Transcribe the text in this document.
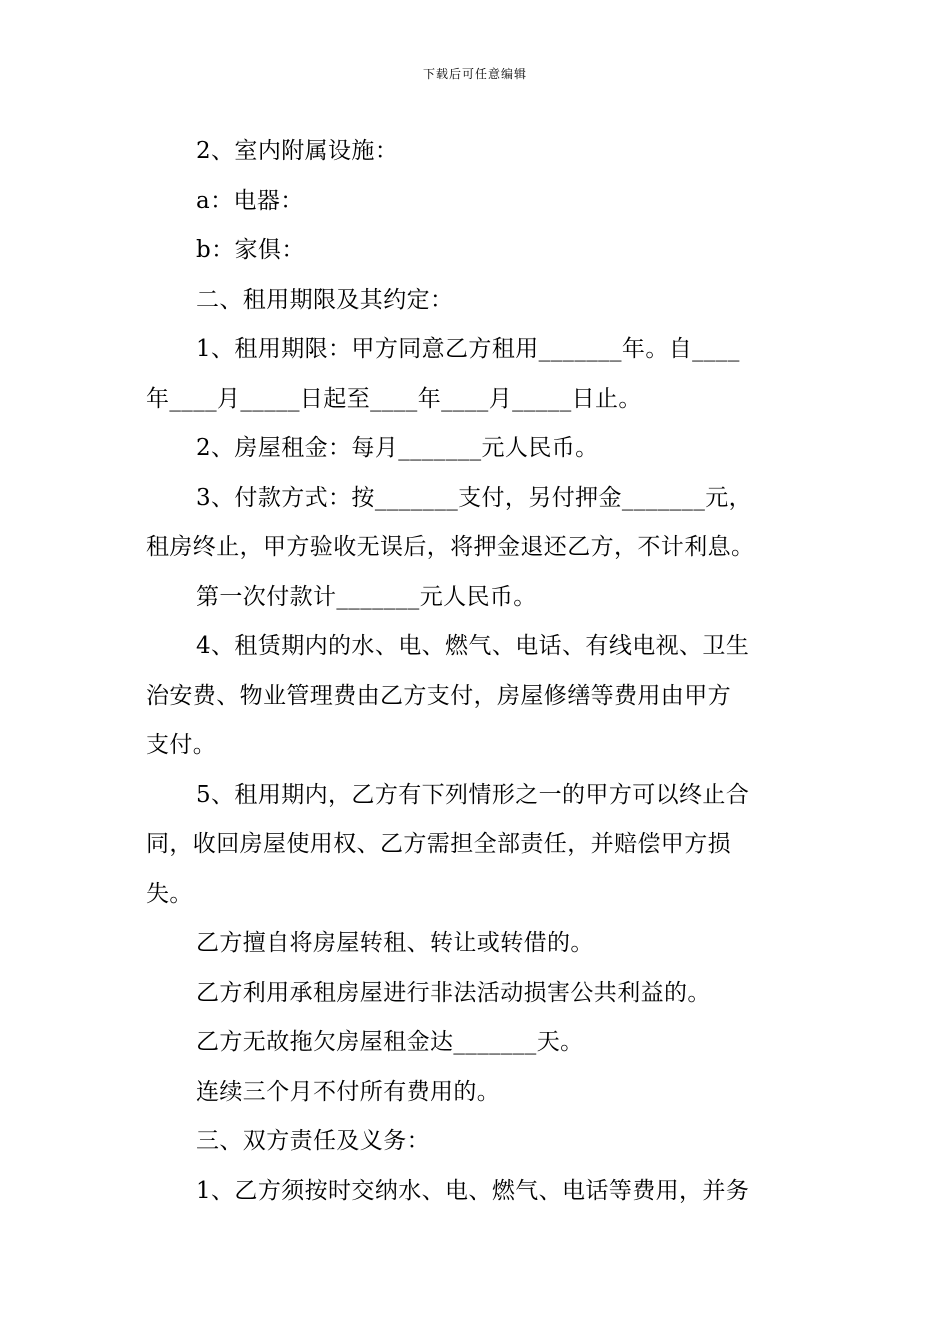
下载后可任意编辑
2、室内附属设施：
a：电器：
b：家俱：
二、租用期限及其约定：
1、租用期限：甲方同意乙方租用_______年。自____
年____月_____日起至____年____月_____日止。
2、房屋租金：每月_______元人民币。
3、付款方式：按_______支付，另付押金_______元，
租房终止，甲方验收无误后，将押金退还乙方，不计利息。
第一次付款计_______元人民币。
4、租赁期内的水、电、燃气、电话、有线电视、卫生
治安费、物业管理费由乙方支付，房屋修缮等费用由甲方
支付。
5、租用期内，乙方有下列情形之一的甲方可以终止合
同，收回房屋使用权、乙方需担全部责任，并赔偿甲方损
失。
乙方擅自将房屋转租、转让或转借的。
乙方利用承租房屋进行非法活动损害公共利益的。
乙方无故拖欠房屋租金达_______天。
连续三个月不付所有费用的。
三、双方责任及义务：
1、乙方须按时交纳水、电、燃气、电话等费用，并务
